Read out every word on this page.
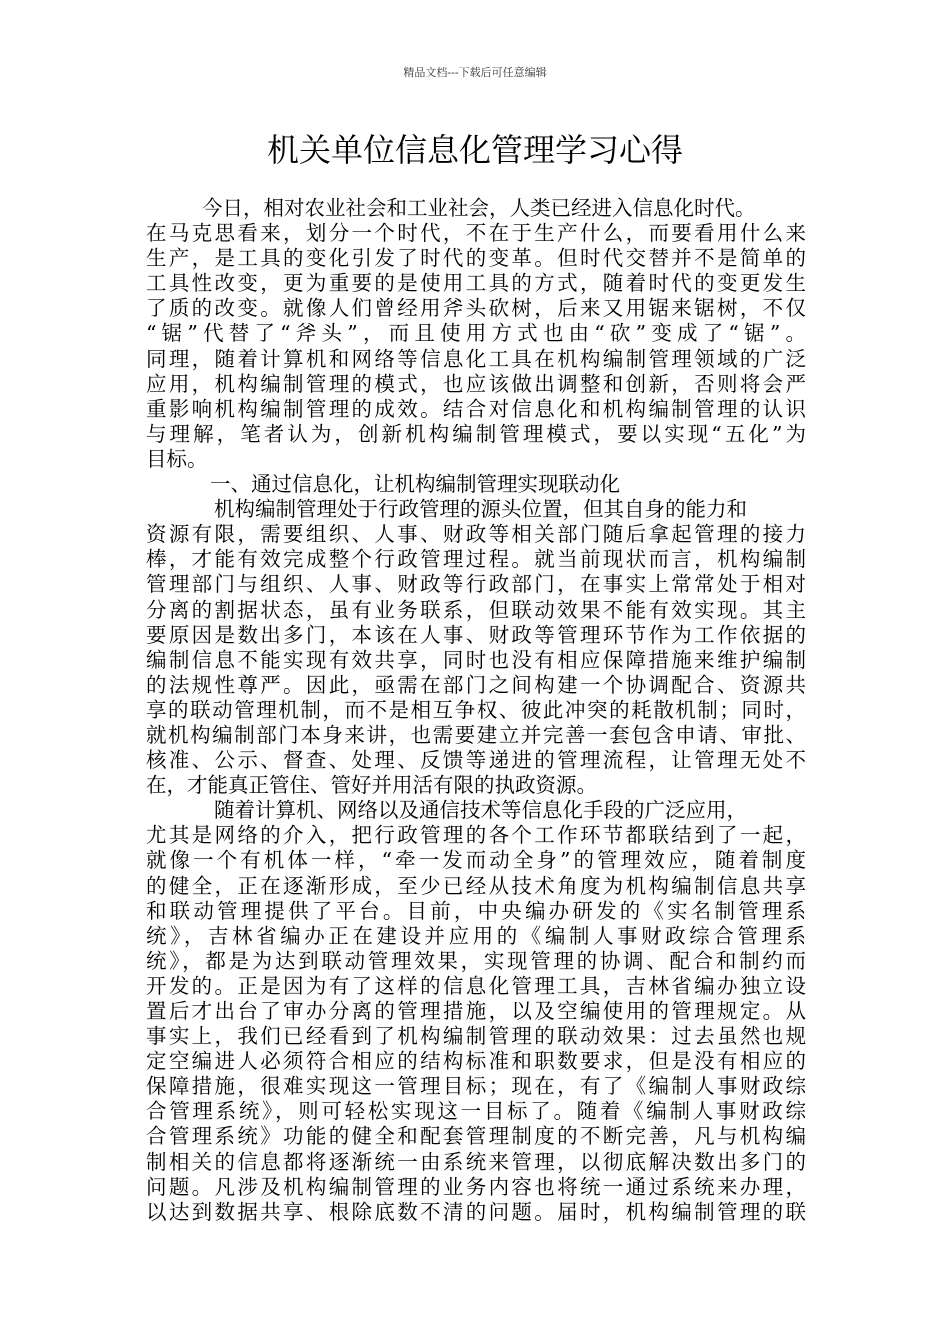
精品文档---下载后可任意编辑
机关单位信息化管理学习心得
今日，相对农业社会和工业社会，人类已经进入信息化时代。
在马克思看来，划分一个时代，不在于生产什么，而要看用什么来
生产，是工具的变化引发了时代的变革。但时代交替并不是简单的
工具性改变，更为重要的是使用工具的方式，随着时代的变更发生
了质的改变。就像人们曾经用斧头砍树，后来又用锯来锯树，不仅
“锯”代替了“斧头”，而且使用方式也由“砍”变成了“锯”。
同理，随着计算机和网络等信息化工具在机构编制管理领域的广泛
应用，机构编制管理的模式，也应该做出调整和创新，否则将会严
重影响机构编制管理的成效。结合对信息化和机构编制管理的认识
与理解，笔者认为，创新机构编制管理模式，要以实现“五化”为
目标。
一、通过信息化，让机构编制管理实现联动化
机构编制管理处于行政管理的源头位置，但其自身的能力和
资源有限，需要组织、人事、财政等相关部门随后拿起管理的接力
棒，才能有效完成整个行政管理过程。就当前现状而言，机构编制
管理部门与组织、人事、财政等行政部门，在事实上常常处于相对
分离的割据状态，虽有业务联系，但联动效果不能有效实现。其主
要原因是数出多门，本该在人事、财政等管理环节作为工作依据的
编制信息不能实现有效共享，同时也没有相应保障措施来维护编制
的法规性尊严。因此，亟需在部门之间构建一个协调配合、资源共
享的联动管理机制，而不是相互争权、彼此冲突的耗散机制；同时，
就机构编制部门本身来讲，也需要建立并完善一套包含申请、审批、
核准、公示、督查、处理、反馈等递进的管理流程，让管理无处不
在，才能真正管住、管好并用活有限的执政资源。
随着计算机、网络以及通信技术等信息化手段的广泛应用，
尤其是网络的介入，把行政管理的各个工作环节都联结到了一起，
就像一个有机体一样，“牵一发而动全身”的管理效应，随着制度
的健全，正在逐渐形成，至少已经从技术角度为机构编制信息共享
和联动管理提供了平台。目前，中央编办研发的《实名制管理系
统》，吉林省编办正在建设并应用的《编制人事财政综合管理系
统》，都是为达到联动管理效果，实现管理的协调、配合和制约而
开发的。正是因为有了这样的信息化管理工具，吉林省编办独立设
置后才出台了审办分离的管理措施，以及空编使用的管理规定。从
事实上，我们已经看到了机构编制管理的联动效果：过去虽然也规
定空编进人必须符合相应的结构标准和职数要求，但是没有相应的
保障措施，很难实现这一管理目标；现在，有了《编制人事财政综
合管理系统》，则可轻松实现这一目标了。随着《编制人事财政综
合管理系统》功能的健全和配套管理制度的不断完善，凡与机构编
制相关的信息都将逐渐统一由系统来管理，以彻底解决数出多门的
问题。凡涉及机构编制管理的业务内容也将统一通过系统来办理，
以达到数据共享、根除底数不清的问题。届时，机构编制管理的联
